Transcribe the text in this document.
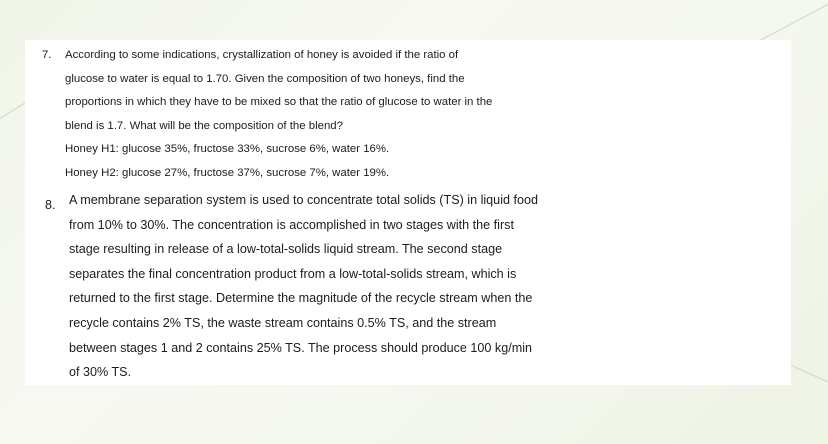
7. According to some indications, crystallization of honey is avoided if the ratio of
glucose to water is equal to 1.70. Given the composition of two honeys, find the
proportions in which they have to be mixed so that the ratio of glucose to water in the
blend is 1.7. What will be the composition of the blend?
Honey H1: glucose 35%, fructose 33%, sucrose 6%, water 16%.
Honey H2: glucose 27%, fructose 37%, sucrose 7%, water 19%.
8. A membrane separation system is used to concentrate total solids (TS) in liquid food
from 10% to 30%. The concentration is accomplished in two stages with the first
stage resulting in release of a low-total-solids liquid stream. The second stage
separates the final concentration product from a low-total-solids stream, which is
returned to the first stage. Determine the magnitude of the recycle stream when the
recycle contains 2% TS, the waste stream contains 0.5% TS, and the stream
between stages 1 and 2 contains 25% TS. The process should produce 100 kg/min
of 30% TS.
